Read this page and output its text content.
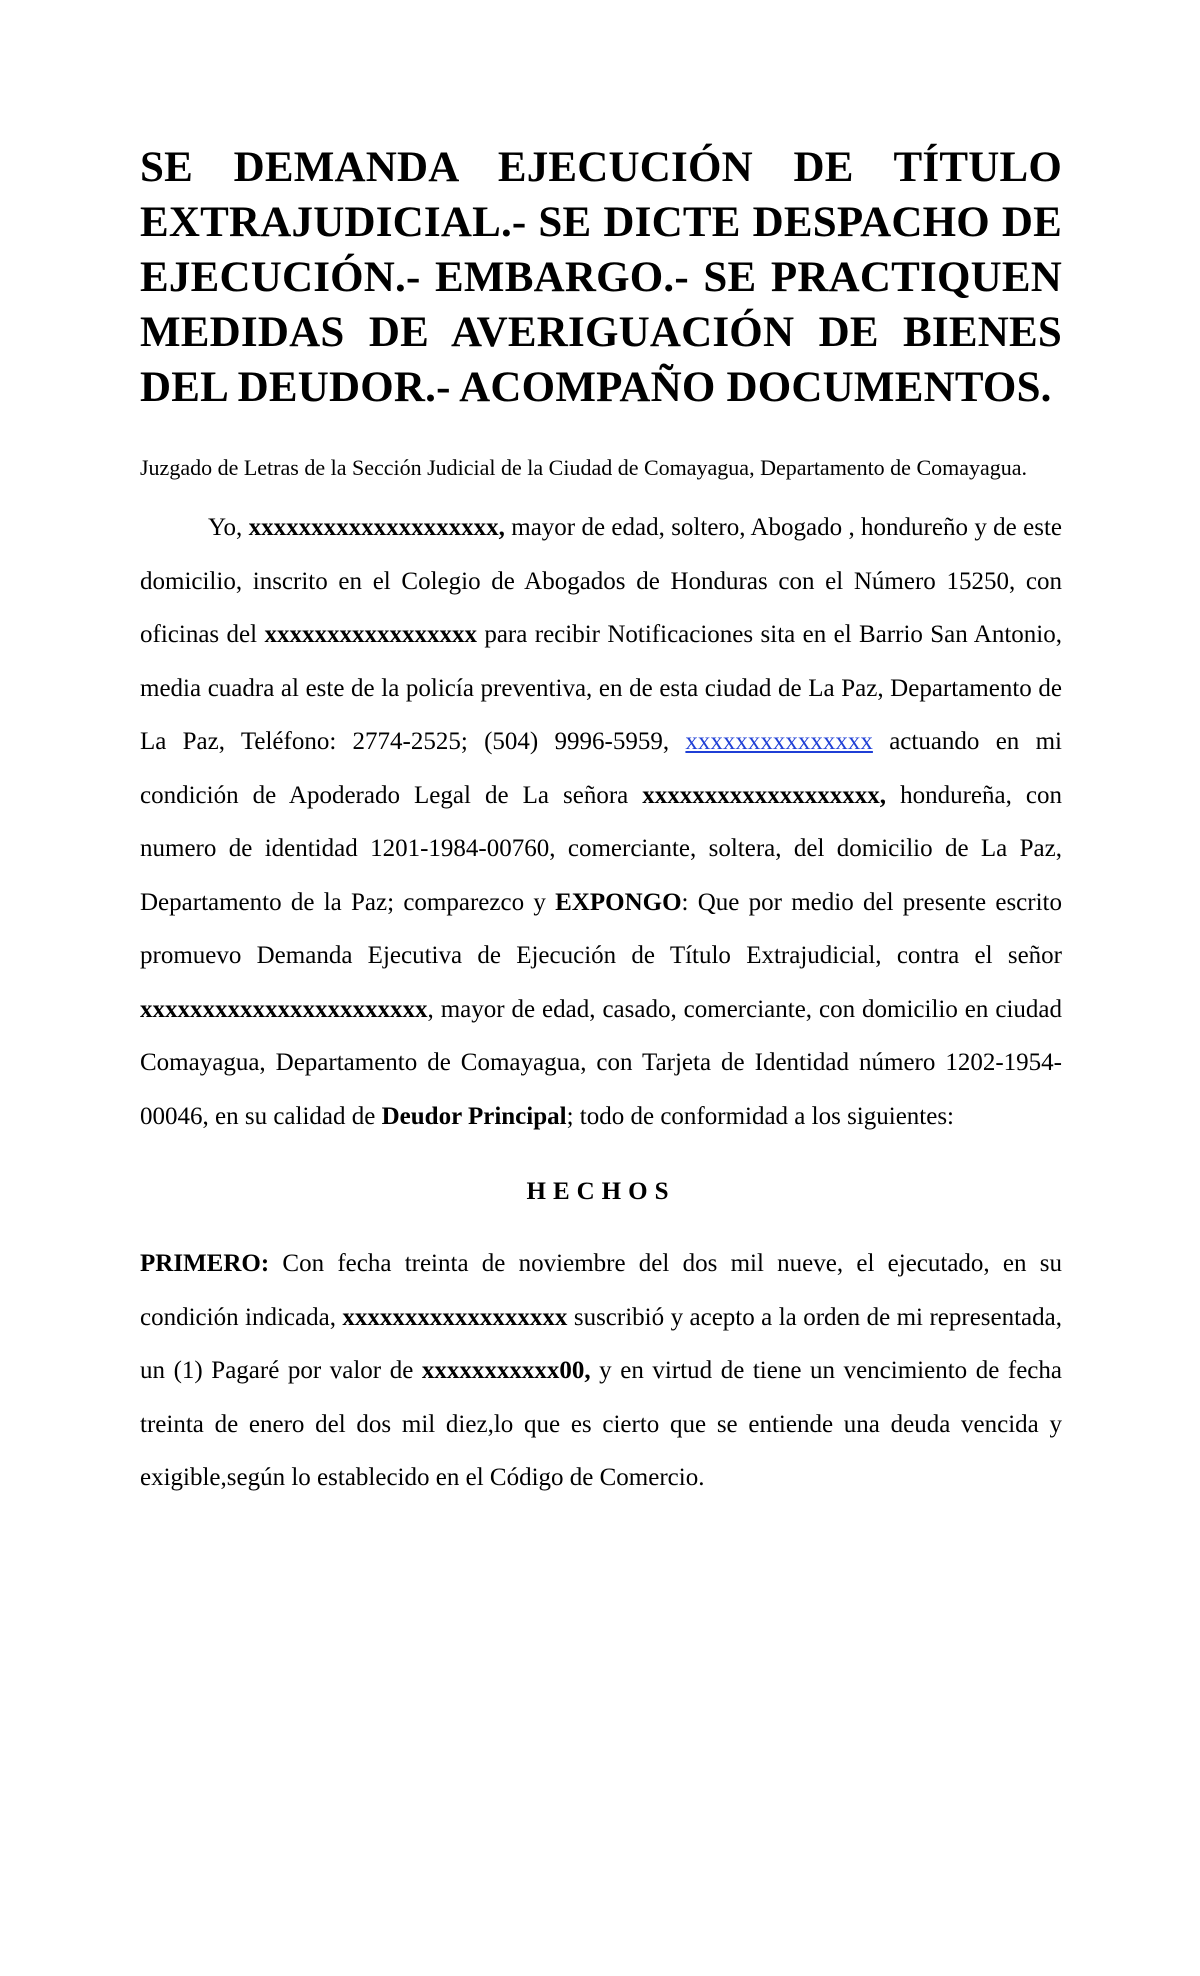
SE DEMANDA EJECUCIÓN DE TÍTULO EXTRAJUDICIAL.- SE DICTE DESPACHO DE EJECUCIÓN.- EMBARGO.- SE PRACTIQUEN MEDIDAS DE AVERIGUACIÓN DE BIENES DEL DEUDOR.- ACOMPAÑO DOCUMENTOS.
Juzgado de Letras de la Sección Judicial de la Ciudad de Comayagua, Departamento de Comayagua.

Yo, xxxxxxxxxxxxxxxxxxxx, mayor de edad, soltero, Abogado , hondureño y de este domicilio, inscrito en el Colegio de Abogados de Honduras con el Número 15250, con oficinas del xxxxxxxxxxxxxxxxx para recibir Notificaciones sita en el Barrio San Antonio, media cuadra al este de la policía preventiva, en de esta ciudad de La Paz, Departamento de La Paz, Teléfono: 2774-2525; (504) 9996-5959, xxxxxxxxxxxxxxx actuando en mi condición de Apoderado Legal de La señora xxxxxxxxxxxxxxxxxxx, hondureña, con numero de identidad 1201-1984-00760, comerciante, soltera, del domicilio de La Paz, Departamento de la Paz; comparezco y EXPONGO: Que por medio del presente escrito promuevo Demanda Ejecutiva de Ejecución de Título Extrajudicial, contra el señor xxxxxxxxxxxxxxxxxxxxxxx, mayor de edad, casado, comerciante, con domicilio en ciudad Comayagua, Departamento de Comayagua, con Tarjeta de Identidad número 1202-1954-00046, en su calidad de Deudor Principal; todo de conformidad a los siguientes:

HECHOS

PRIMERO: Con fecha treinta de noviembre del dos mil nueve, el ejecutado, en su condición indicada, xxxxxxxxxxxxxxxxxx suscribió y acepto a la orden de mi representada, un (1) Pagaré por valor de xxxxxxxxxxx00, y en virtud de tiene un vencimiento de fecha treinta de enero del dos mil diez,lo que es cierto que se entiende una deuda vencida y exigible,según lo establecido en el Código de Comercio.
